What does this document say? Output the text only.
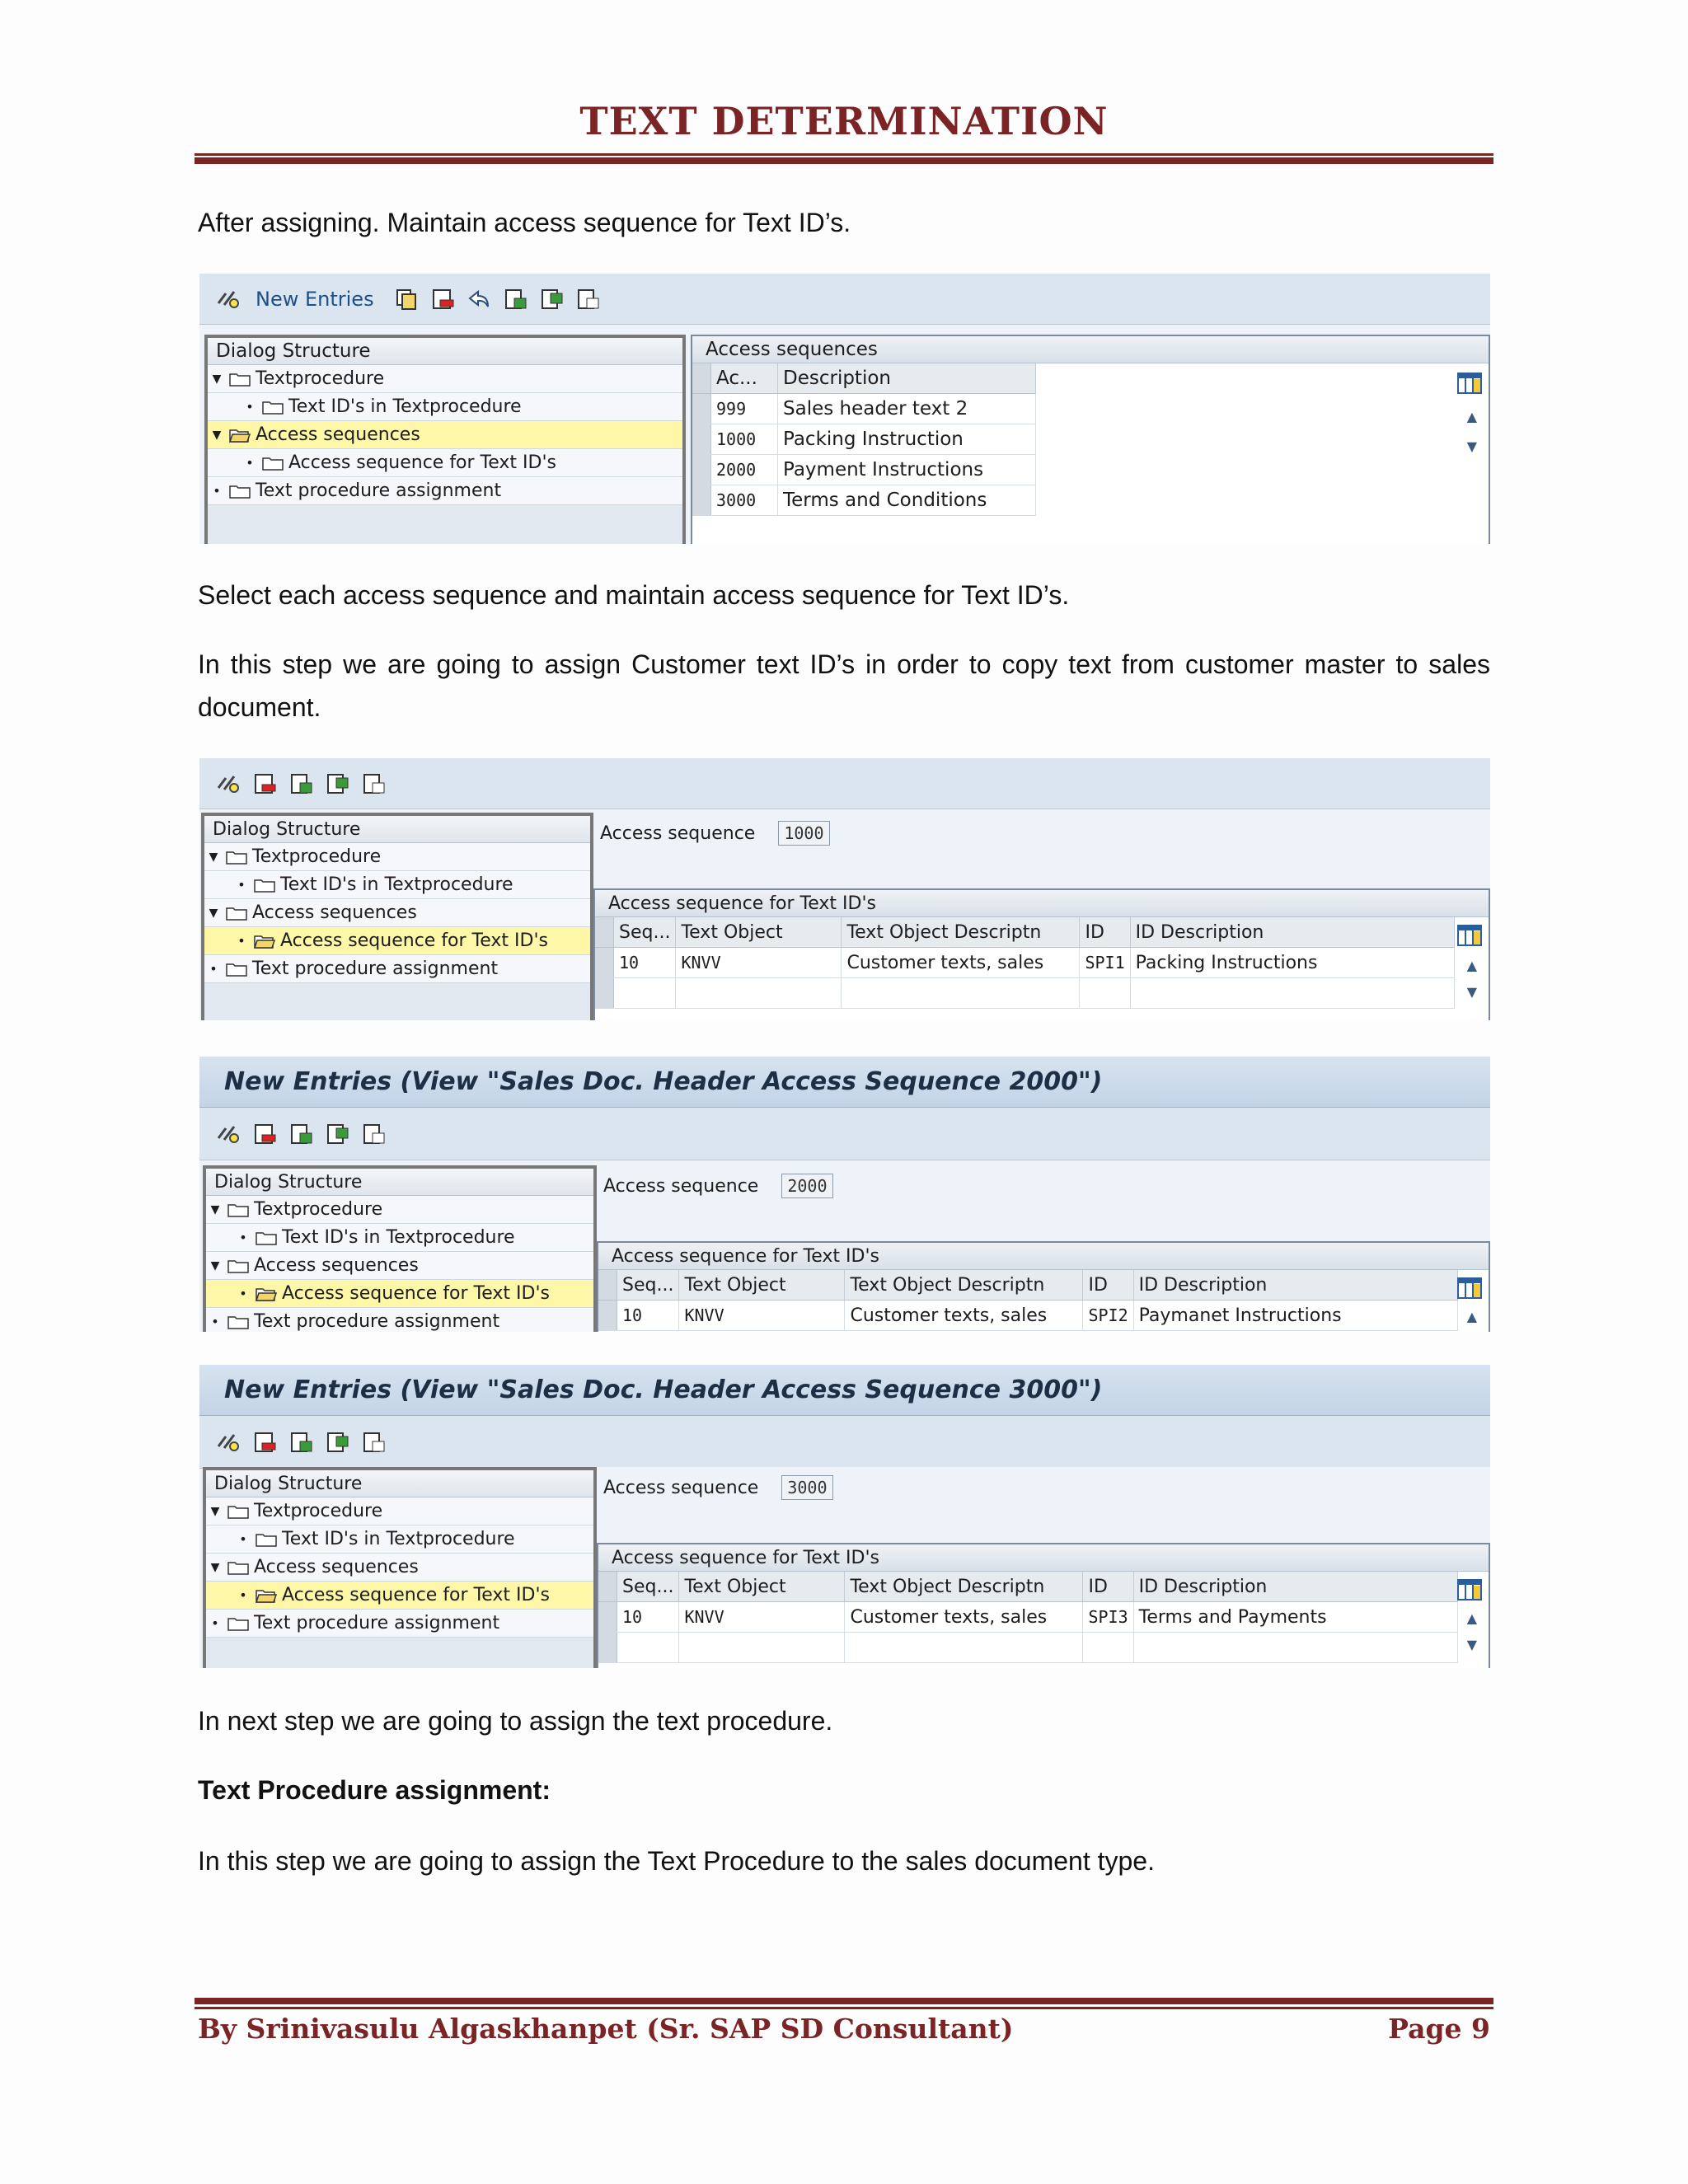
TEXT DETERMINATION

After assigning. Maintain access sequence for Text ID’s.

New Entries
Dialog Structure
▼ Textprocedure
• Text ID's in Textprocedure
▼ Access sequences
• Access sequence for Text ID's
• Text procedure assignment
Access sequences
▲
▼
	Ac...	Description
	999	Sales header text 2
	1000	Packing Instruction
	2000	Payment Instructions
	3000	Terms and Conditions

Select each access sequence and maintain access sequence for Text ID’s.

In this step we are going to assign Customer text ID’s in order to copy text from customer master to sales document.

Dialog Structure
▼ Textprocedure
• Text ID's in Textprocedure
▼ Access sequences
• Access sequence for Text ID's
• Text procedure assignment
Access sequence	1000
Access sequence for Text ID's
▲
▼
	Seq...	Text Object	Text Object Descriptn	ID	ID Description
	10	KNVV	Customer texts, sales	SPI1	Packing Instructions

New Entries (View "Sales Doc. Header Access Sequence 2000")
Dialog Structure
▼ Textprocedure
• Text ID's in Textprocedure
▼ Access sequences
• Access sequence for Text ID's
• Text procedure assignment
Access sequence	2000
Access sequence for Text ID's
▲
	Seq...	Text Object	Text Object Descriptn	ID	ID Description
	10	KNVV	Customer texts, sales	SPI2	Paymanet Instructions
New Entries (View "Sales Doc. Header Access Sequence 3000")
Dialog Structure
▼ Textprocedure
• Text ID's in Textprocedure
▼ Access sequences
• Access sequence for Text ID's
• Text procedure assignment
Access sequence	3000
Access sequence for Text ID's
▲
▼
	Seq...	Text Object	Text Object Descriptn	ID	ID Description
	10	KNVV	Customer texts, sales	SPI3	Terms and Payments

In next step we are going to assign the text procedure.

Text Procedure assignment:

In this step we are going to assign the Text Procedure to the sales document type.

By Srinivasulu Algaskhanpet (Sr. SAP SD Consultant)	Page 9
